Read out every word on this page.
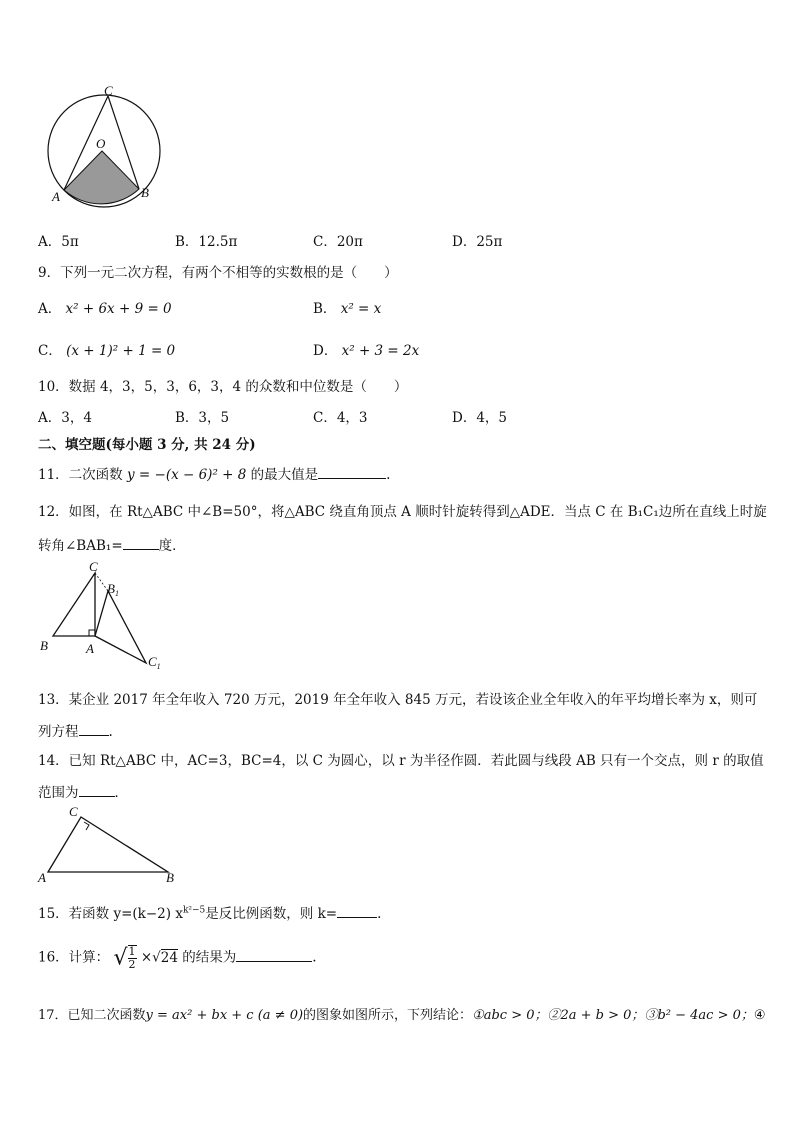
C
O
A	B
A．5π	B．12.5π	C．20π	D．25π
9．下列一元二次方程，有两个不相等的实数根的是（　　）
A． x² + 6x + 9 = 0	B． x² = x
C． (x + 1)² + 1 = 0	D． x² + 3 = 2x
10．数据 4，3，5，3，6，3，4 的众数和中位数是（　　）
A．3，4	B．3，5	C．4，3	D．4，5
二、填空题(每小题 3 分, 共 24 分)
11．二次函数 y = −(x − 6)² + 8 的最大值是	.
12．如图，在 Rt△ABC 中∠B=50°，将△ABC 绕直角顶点 A 顺时针旋转得到△ADE．当点 C 在 B₁C₁边所在直线上时旋
转角∠BAB₁=	度．
C
$B_1$
B	A
$C_1$
13．某企业 2017 年全年收入 720 万元，2019 年全年收入 845 万元，若设该企业全年收入的年平均增长率为 x，则可
列方程 .
14．已知 Rt△ABC 中，AC=3，BC=4，以 C 为圆心，以 r 为半径作圆．若此圆与线段 AB 只有一个交点，则 r 的取值
范围为	．
C
A	B
15．若函数 y=(k−2) $x^{k^2-5}$是反比例函数，则 k=	.
16．计算： √ $\frac{1}{2} \times√24$ 的结果为	.
17．已知二次函数y = ax² + bx + c (a ≠ 0)的图象如图所示，下列结论：①abc > 0；②2a + b > 0；③b² − 4ac > 0；④
